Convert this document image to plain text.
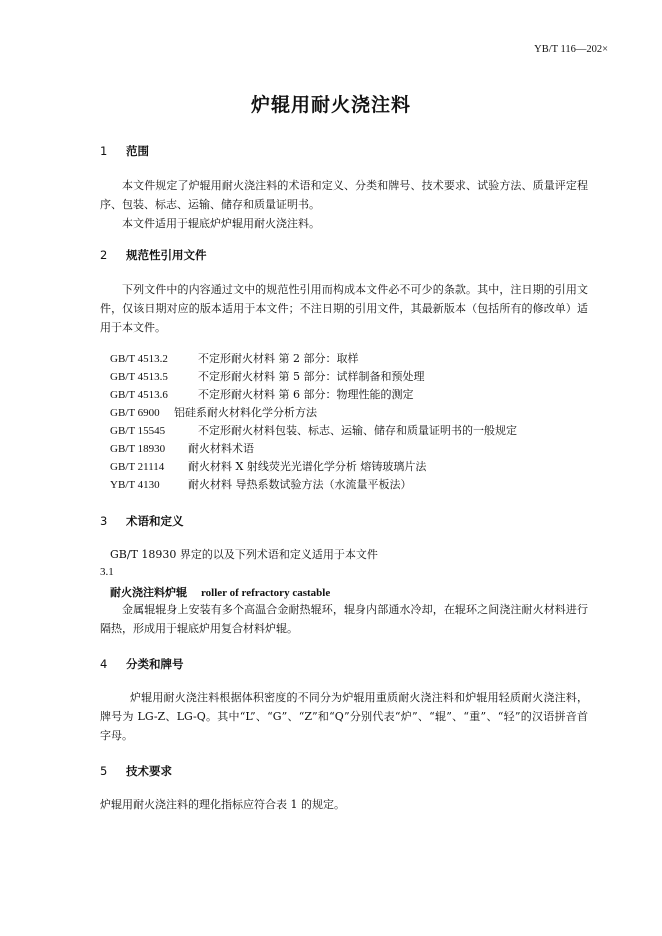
YB/T 116—202×
炉辊用耐火浇注料
1 范围
本文件规定了炉辊用耐火浇注料的术语和定义、分类和牌号、技术要求、试验方法、质量评定程序、包装、标志、运输、储存和质量证明书。
本文件适用于辊底炉炉辊用耐火浇注料。
2 规范性引用文件
下列文件中的内容通过文中的规范性引用而构成本文件必不可少的条款。其中，注日期的引用文件，仅该日期对应的版本适用于本文件；不注日期的引用文件，其最新版本（包括所有的修改单）适用于本文件。
GB/T 4513.2	不定形耐火材料 第 2 部分：取样
GB/T 4513.5	不定形耐火材料 第 5 部分：试样制备和预处理
GB/T 4513.6	不定形耐火材料 第 6 部分：物理性能的测定
GB/T 6900 铝硅系耐火材料化学分析方法
GB/T 15545	不定形耐火材料包装、标志、运输、储存和质量证明书的一般规定
GB/T 18930 耐火材料术语
GB/T 21114 耐火材料 X 射线荧光光谱化学分析 熔铸玻璃片法
YB/T 4130	耐火材料 导热系数试验方法（水流量平板法）
3 术语和定义
GB/T 18930 界定的以及下列术语和定义适用于本文件
3.1
耐火浇注料炉辊 roller of refractory castable
金属辊辊身上安装有多个高温合金耐热辊环，辊身内部通水冷却，在辊环之间浇注耐火材料进行隔热，形成用于辊底炉用复合材料炉辊。
4 分类和牌号
炉辊用耐火浇注料根据体积密度的不同分为炉辊用重质耐火浇注料和炉辊用轻质耐火浇注料，牌号为 LG-Z、LG-Q。其中“L”、“G”、“Z”和“Q”分别代表“炉”、“辊”、“重”、“轻”的汉语拼音首字母。
5 技术要求
炉辊用耐火浇注料的理化指标应符合表 1 的规定。
